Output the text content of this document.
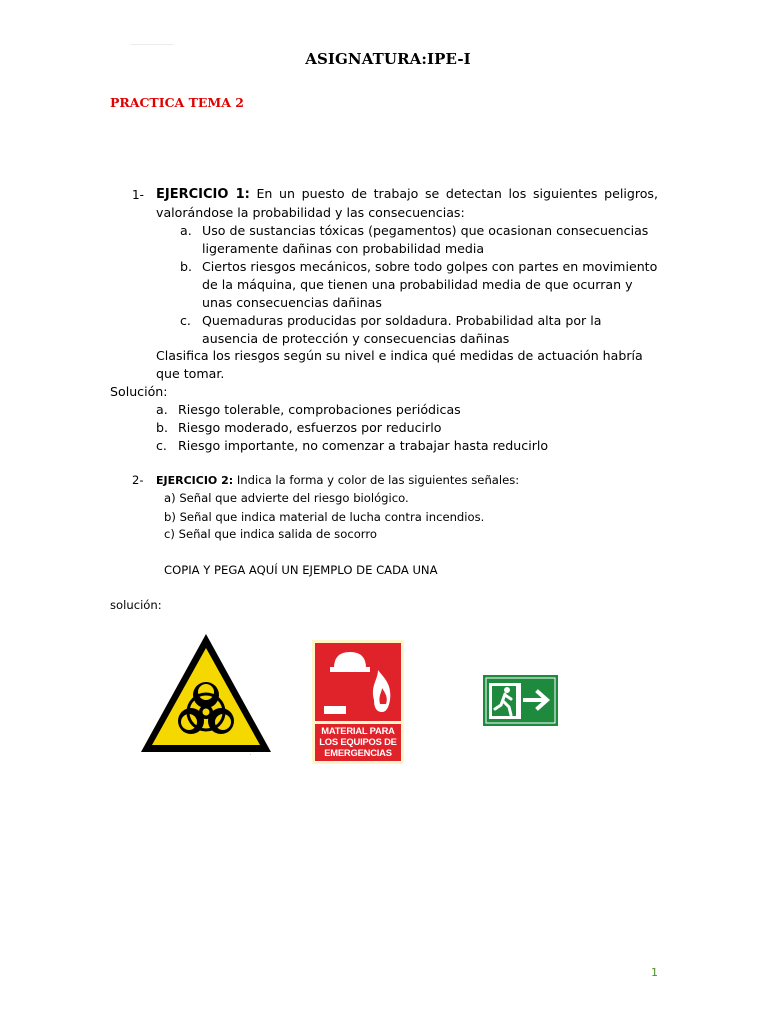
ASIGNATURA:IPE-I
PRACTICA TEMA 2
1- EJERCICIO 1: En un puesto de trabajo se detectan los siguientes peligros, valorándose la probabilidad y las consecuencias:
a. Uso de sustancias tóxicas (pegamentos) que ocasionan consecuencias ligeramente dañinas con probabilidad media
b. Ciertos riesgos mecánicos, sobre todo golpes con partes en movimiento de la máquina, que tienen una probabilidad media de que ocurran y unas consecuencias dañinas
c. Quemaduras producidas por soldadura. Probabilidad alta por la ausencia de protección y consecuencias dañinas
Clasifica los riesgos según su nivel e indica qué medidas de actuación habría que tomar.
Solución:
a. Riesgo tolerable, comprobaciones periódicas
b. Riesgo moderado, esfuerzos por reducirlo
c. Riesgo importante, no comenzar a trabajar hasta reducirlo
2- EJERCICIO 2: Indica la forma y color de las siguientes señales:
a) Señal que advierte del riesgo biológico.
b) Señal que indica material de lucha contra incendios.
c) Señal que indica salida de socorro
COPIA Y PEGA AQUÍ UN EJEMPLO DE CADA UNA
solución:
·
MATERIAL PARA
LOS EQUIPOS DE
EMERGENCIAS
1
